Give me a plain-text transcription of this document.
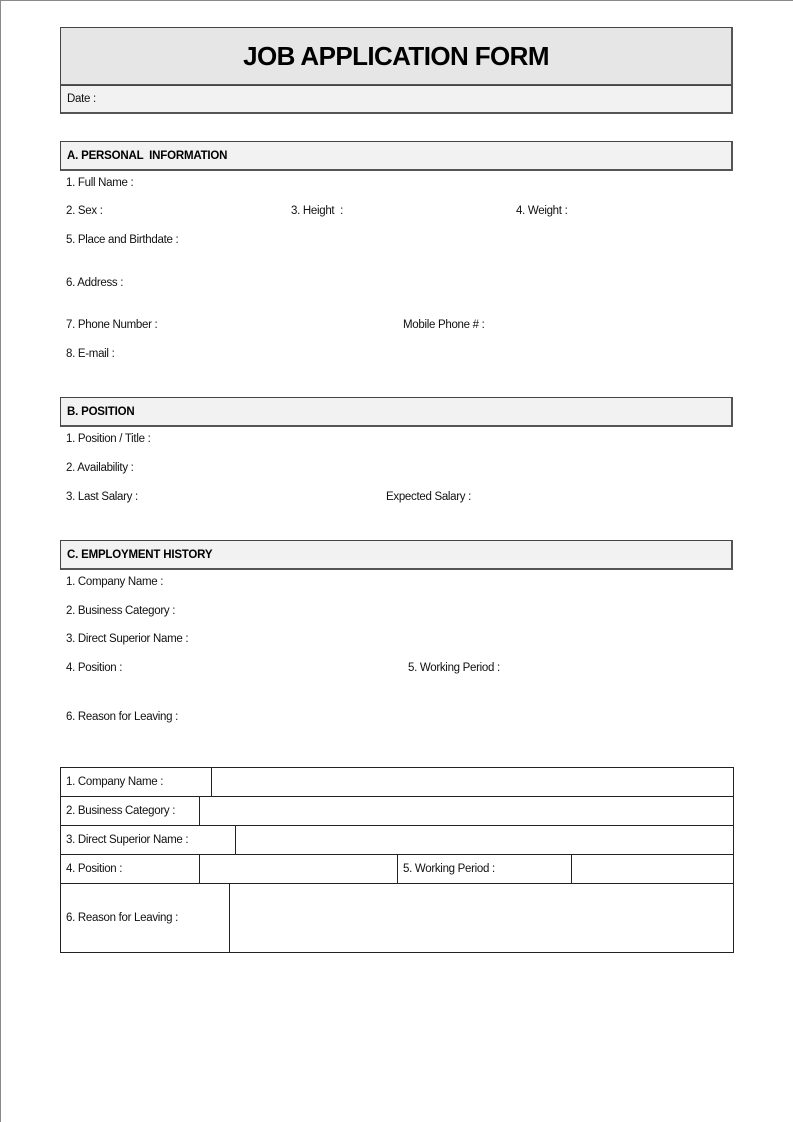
JOB APPLICATION FORM
Date :
A. PERSONAL  INFORMATION
1. Full Name :
2. Sex :	3. Height  :	4. Weight :
5. Place and Birthdate :
6. Address :
7. Phone Number :	Mobile Phone # :
8. E-mail :
B. POSITION
1. Position / Title :
2. Availability :
3. Last Salary :	Expected Salary :
C. EMPLOYMENT HISTORY
1. Company Name :
2. Business Category :
3. Direct Superior Name :
4. Position :	5. Working Period :
6. Reason for Leaving :
1. Company Name :
2. Business Category :
3. Direct Superior Name :
4. Position :	5. Working Period :
6. Reason for Leaving :
